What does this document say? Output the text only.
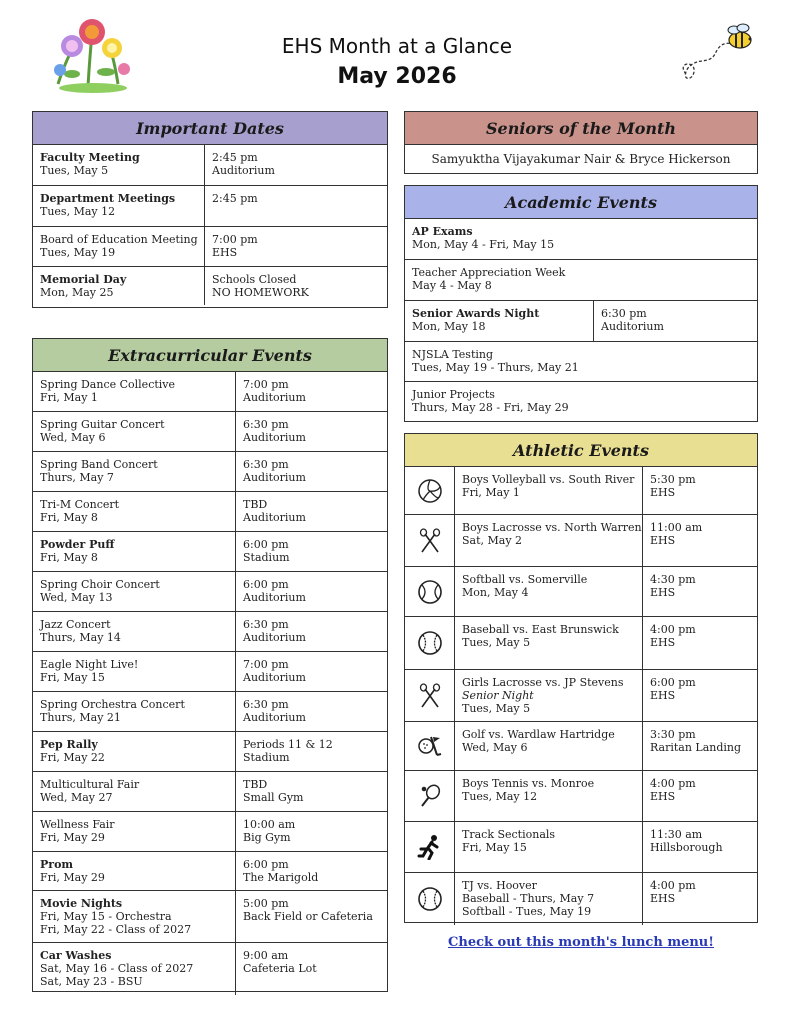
EHS Month at a Glance
May 2026
Important Dates
Faculty Meeting
Tues, May 5
2:45 pm
Auditorium
Department Meetings
Tues, May 12
2:45 pm
Board of Education Meeting
Tues, May 19
7:00 pm
EHS
Memorial Day
Mon, May 25
Schools Closed
NO HOMEWORK
Extracurricular Events
Spring Dance Collective
Fri, May 1
7:00 pm
Auditorium
Spring Guitar Concert
Wed, May 6
6:30 pm
Auditorium
Spring Band Concert
Thurs, May 7
6:30 pm
Auditorium
Tri-M Concert
Fri, May 8
TBD
Auditorium
Powder Puff
Fri, May 8
6:00 pm
Stadium
Spring Choir Concert
Wed, May 13
6:00 pm
Auditorium
Jazz Concert
Thurs, May 14
6:30 pm
Auditorium
Eagle Night Live!
Fri, May 15
7:00 pm
Auditorium
Spring Orchestra Concert
Thurs, May 21
6:30 pm
Auditorium
Pep Rally
Fri, May 22
Periods 11 & 12
Stadium
Multicultural Fair
Wed, May 27
TBD
Small Gym
Wellness Fair
Fri, May 29
10:00 am
Big Gym
Prom
Fri, May 29
6:00 pm
The Marigold
Movie Nights
Fri, May 15 - Orchestra
Fri, May 22 - Class of 2027
5:00 pm
Back Field or Cafeteria
Car Washes
Sat, May 16 - Class of 2027
Sat, May 23 - BSU
9:00 am
Cafeteria Lot
Seniors of the Month
Samyuktha Vijayakumar Nair & Bryce Hickerson
Academic Events
AP Exams
Mon, May 4 - Fri, May 15
Teacher Appreciation Week
May 4 - May 8
Senior Awards Night
Mon, May 18
6:30 pm
Auditorium
NJSLA Testing
Tues, May 19 - Thurs, May 21
Junior Projects
Thurs, May 28 - Fri, May 29
Athletic Events
Boys Volleyball vs. South River
Fri, May 1
5:30 pm
EHS
Boys Lacrosse vs. North Warren
Sat, May 2
11:00 am
EHS
Softball vs. Somerville
Mon, May 4
4:30 pm
EHS
Baseball vs. East Brunswick
Tues, May 5
4:00 pm
EHS
Girls Lacrosse vs. JP Stevens
Senior Night
Tues, May 5
6:00 pm
EHS
Golf vs. Wardlaw Hartridge
Wed, May 6
3:30 pm
Raritan Landing
Boys Tennis vs. Monroe
Tues, May 12
4:00 pm
EHS
Track Sectionals
Fri, May 15
11:30 am
Hillsborough
TJ vs. Hoover
Baseball - Thurs, May 7
Softball - Tues, May 19
4:00 pm
EHS
Check out this month's lunch menu!
